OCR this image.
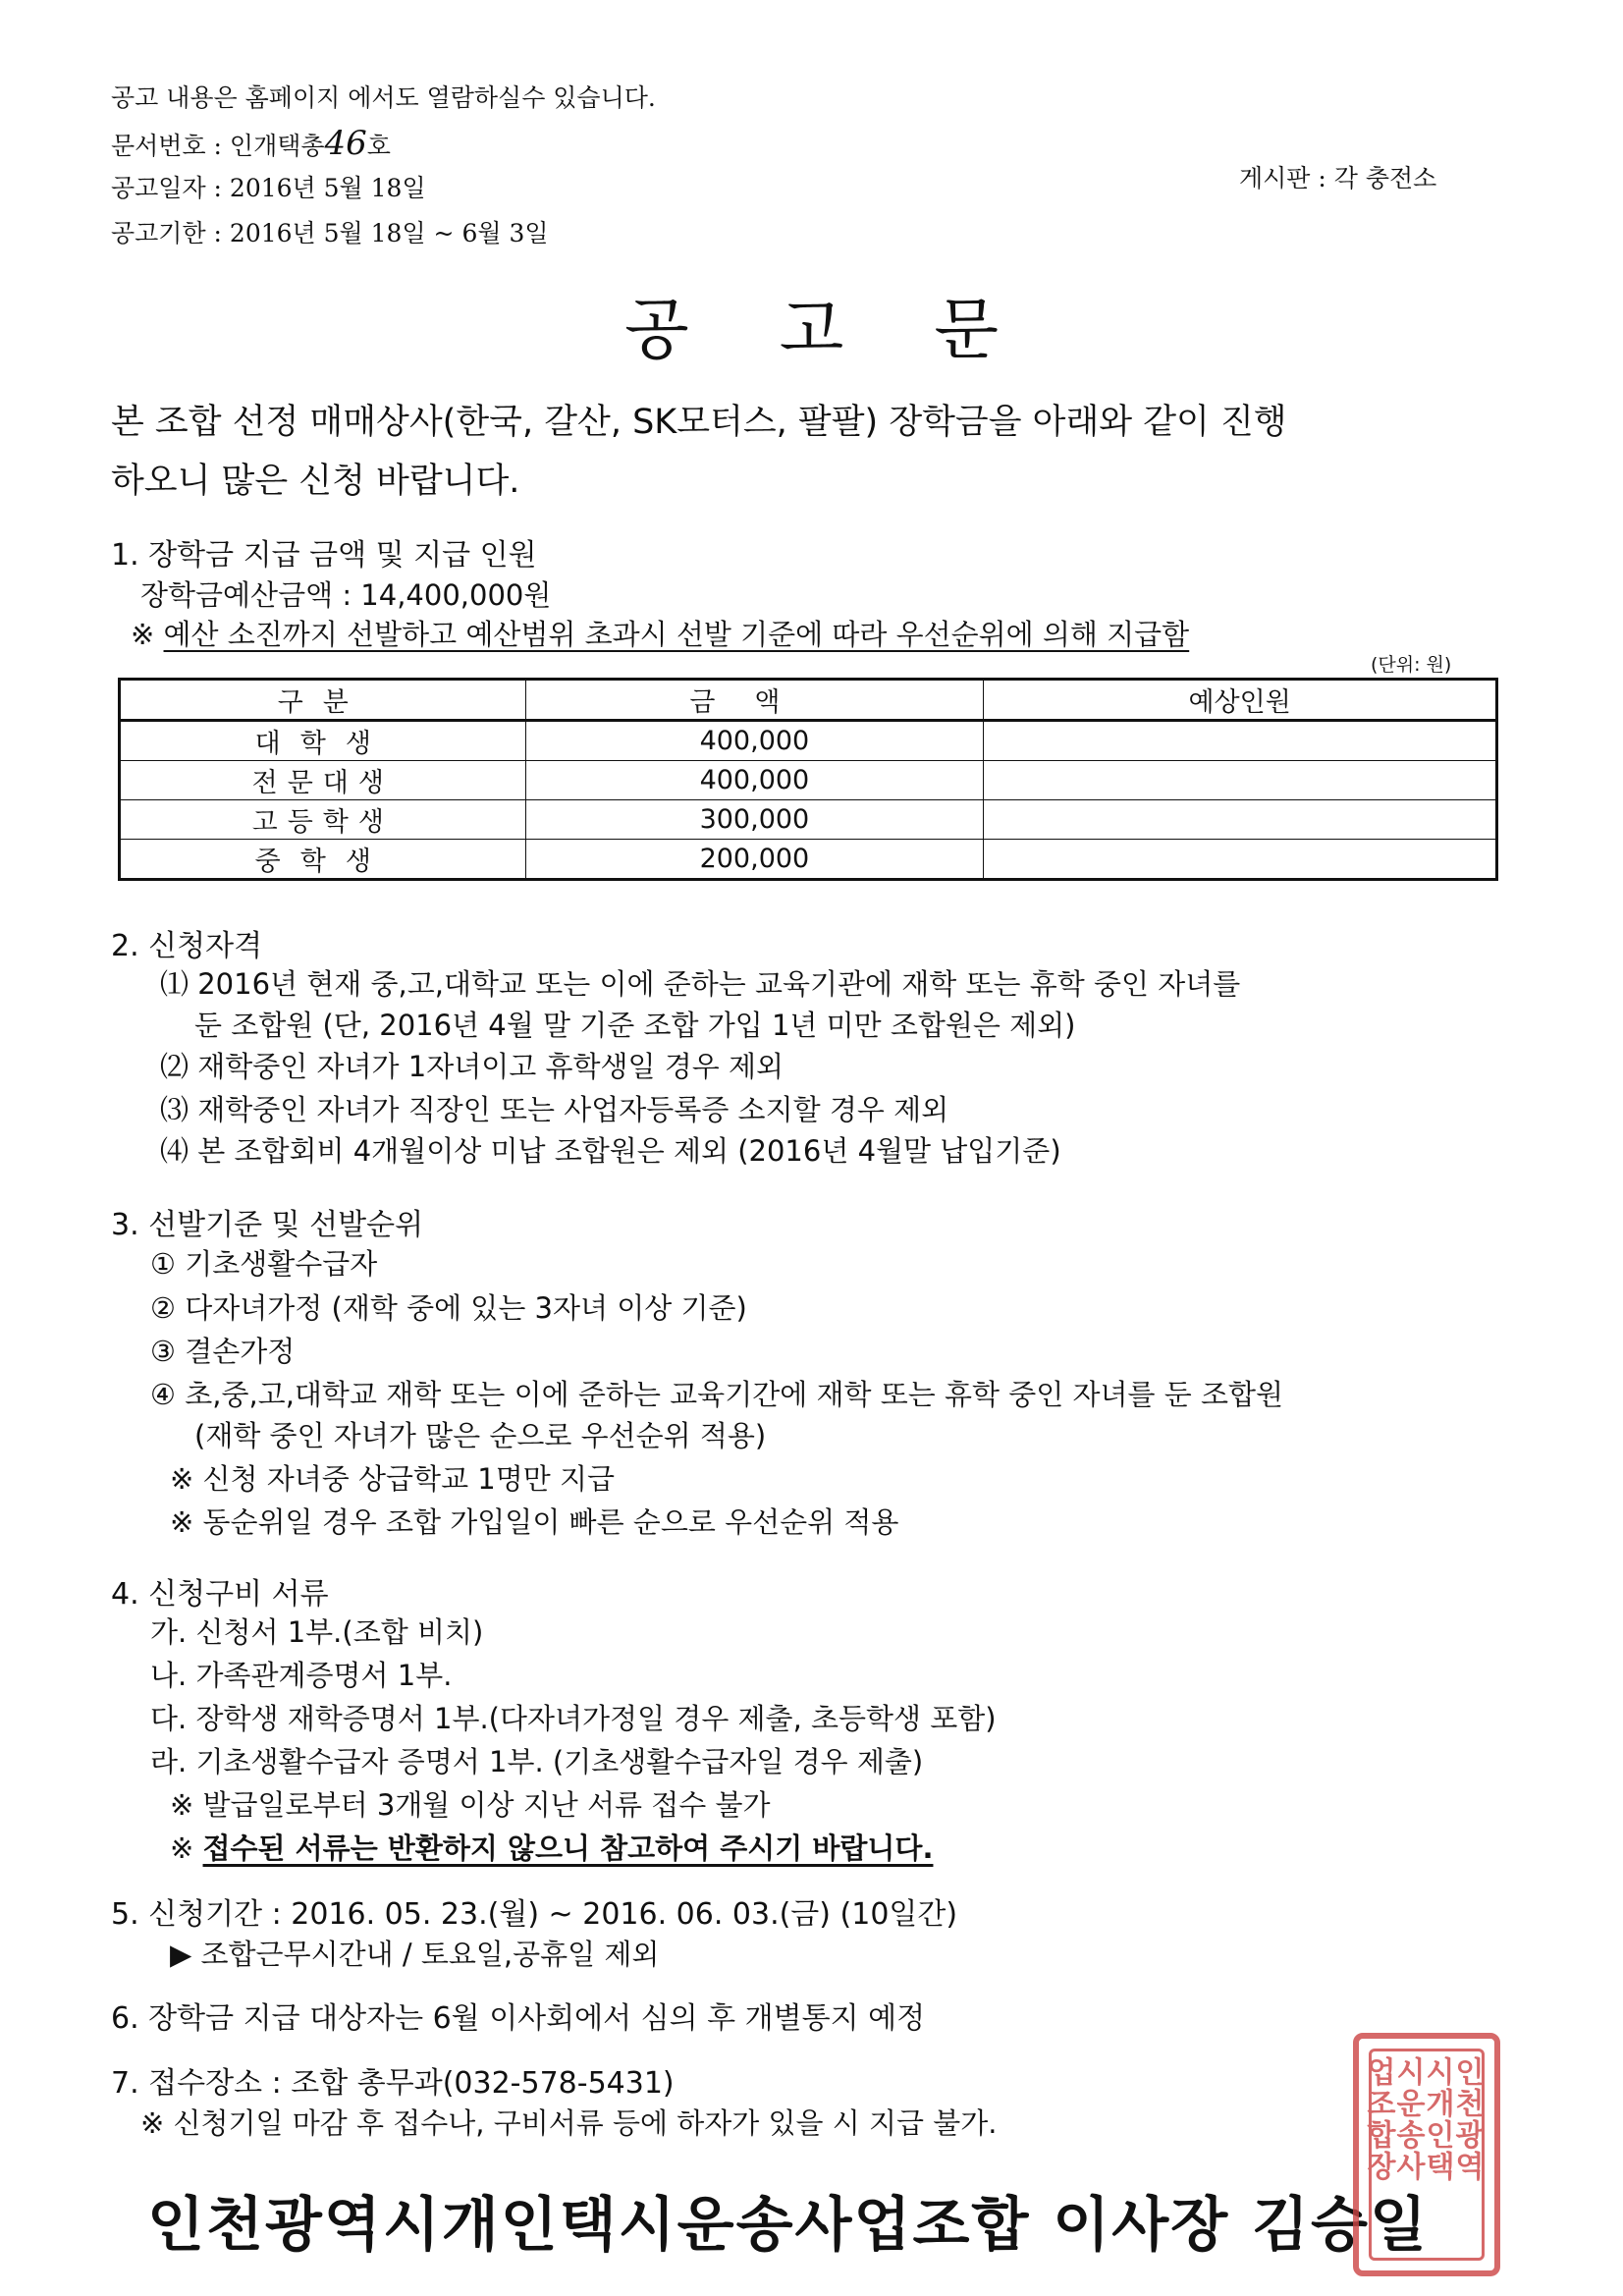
공고 내용은 홈페이지 에서도 열람하실수 있습니다.
문서번호 : 인개택총46호
공고일자 : 2016년 5월 18일	게시판 : 각 충전소
공고기한 : 2016년 5월 18일 ~ 6월 3일
공고문
본 조합 선정 매매상사(한국, 갈산, SK모터스, 팔팔) 장학금을 아래와 같이 진행
하오니 많은 신청 바랍니다.
1. 장학금 지급 금액 및 지급 인원
장학금예산금액 : 14,400,000원
※ 예산 소진까지 선발하고 예산범위 초과시 선발 기준에 따라 우선순위에 의해 지급함
(단위: 원)
구분	금액	예상인원
대학생	400,000	
전문대생	400,000	
고등학생	300,000	
중학생	200,000	
2. 신청자격
⑴ 2016년 현재 중,고,대학교 또는 이에 준하는 교육기관에 재학 또는 휴학 중인 자녀를
둔 조합원 (단, 2016년 4월 말 기준 조합 가입 1년 미만 조합원은 제외)
⑵ 재학중인 자녀가 1자녀이고 휴학생일 경우 제외
⑶ 재학중인 자녀가 직장인 또는 사업자등록증 소지할 경우 제외
⑷ 본 조합회비 4개월이상 미납 조합원은 제외 (2016년 4월말 납입기준)
3. 선발기준 및 선발순위
① 기초생활수급자
② 다자녀가정 (재학 중에 있는 3자녀 이상 기준)
③ 결손가정
④ 초,중,고,대학교 재학 또는 이에 준하는 교육기간에 재학 또는 휴학 중인 자녀를 둔 조합원
(재학 중인 자녀가 많은 순으로 우선순위 적용)
※ 신청 자녀중 상급학교 1명만 지급
※ 동순위일 경우 조합 가입일이 빠른 순으로 우선순위 적용
4. 신청구비 서류
가. 신청서 1부.(조합 비치)
나. 가족관계증명서 1부.
다. 장학생 재학증명서 1부.(다자녀가정일 경우 제출, 초등학생 포함)
라. 기초생활수급자 증명서 1부. (기초생활수급자일 경우 제출)
※ 발급일로부터 3개월 이상 지난 서류 접수 불가
※ 접수된 서류는 반환하지 않으니 참고하여 주시기 바랍니다.
5. 신청기간 : 2016. 05. 23.(월) ~ 2016. 06. 03.(금) (10일간)
▶ 조합근무시간내 / 토요일,공휴일 제외
6. 장학금 지급 대상자는 6월 이사회에서 심의 후 개별통지 예정
7. 접수장소 : 조합 총무과(032-578-5431)
※ 신청기일 마감 후 접수나, 구비서류 등에 하자가 있을 시 지급 불가.
인천광역시개인택시운송사업조합 이사장 김승일
인천광역
시개인택
시운송사
업조합장
